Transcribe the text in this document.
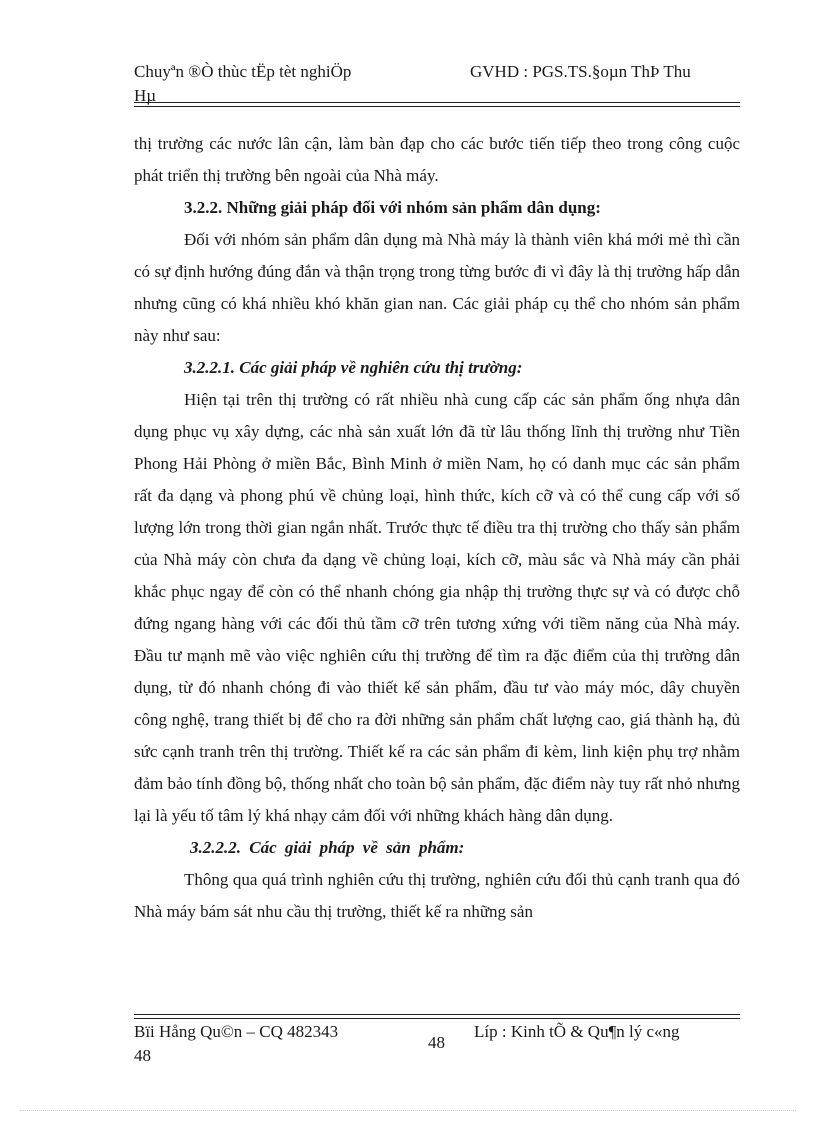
Chuyªn ®Ò thùc tËp tèt nghiÖp
Hµ
GVHD : PGS.TS.§oµn ThÞ Thu

thị trường các nước lân cận, làm bàn đạp cho các bước tiến tiếp theo trong công cuộc phát triển thị trường bên ngoài của Nhà máy.

3.2.2. Những giải pháp đối với nhóm sản phẩm dân dụng:

Đối với nhóm sản phẩm dân dụng mà Nhà máy là thành viên khá mới mẻ thì cần có sự định hướng đúng đắn và thận trọng trong từng bước đi vì đây là thị trường hấp dẫn nhưng cũng có khá nhiều khó khăn gian nan. Các giải pháp cụ thể cho nhóm sản phẩm này như sau:

3.2.2.1. Các giải pháp về nghiên cứu thị trường:

Hiện tại trên thị trường có rất nhiều nhà cung cấp các sản phẩm ống nhựa dân dụng phục vụ xây dựng, các nhà sản xuất lớn đã từ lâu thống lĩnh thị trường như Tiền Phong Hải Phòng ở miền Bắc, Bình Minh ở miền Nam, họ có danh mục các sản phẩm rất đa dạng và phong phú về chủng loại, hình thức, kích cỡ và có thể cung cấp với số lượng lớn trong thời gian ngắn nhất. Trước thực tế điều tra thị trường cho thấy sản phẩm của Nhà máy còn chưa đa dạng về chủng loại, kích cỡ, màu sắc và Nhà máy cần phải khắc phục ngay để còn có thể nhanh chóng gia nhập thị trường thực sự và có được chỗ đứng ngang hàng với các đối thủ tầm cỡ trên tương xứng với tiềm năng của Nhà máy. Đầu tư mạnh mẽ vào việc nghiên cứu thị trường để tìm ra đặc điểm của thị trường dân dụng, từ đó nhanh chóng đi vào thiết kế sản phẩm, đầu tư vào máy móc, dây chuyền công nghệ, trang thiết bị để cho ra đời những sản phẩm chất lượng cao, giá thành hạ, đủ sức cạnh tranh trên thị trường. Thiết kế ra các sản phẩm đi kèm, linh kiện phụ trợ nhằm đảm bảo tính đồng bộ, thống nhất cho toàn bộ sản phẩm, đặc điểm này tuy rất nhỏ nhưng lại là yếu tố tâm lý khá nhạy cảm đối với những khách hàng dân dụng.

3.2.2.2. Các giải pháp về sản phẩm:

Thông qua quá trình nghiên cứu thị trường, nghiên cứu đối thủ cạnh tranh qua đó Nhà máy bám sát nhu cầu thị trường, thiết kế ra những sản

Bïi Hång Qu©n – CQ 482343
48
48
Líp : Kinh tÕ & Qu¶n lý c«ng
